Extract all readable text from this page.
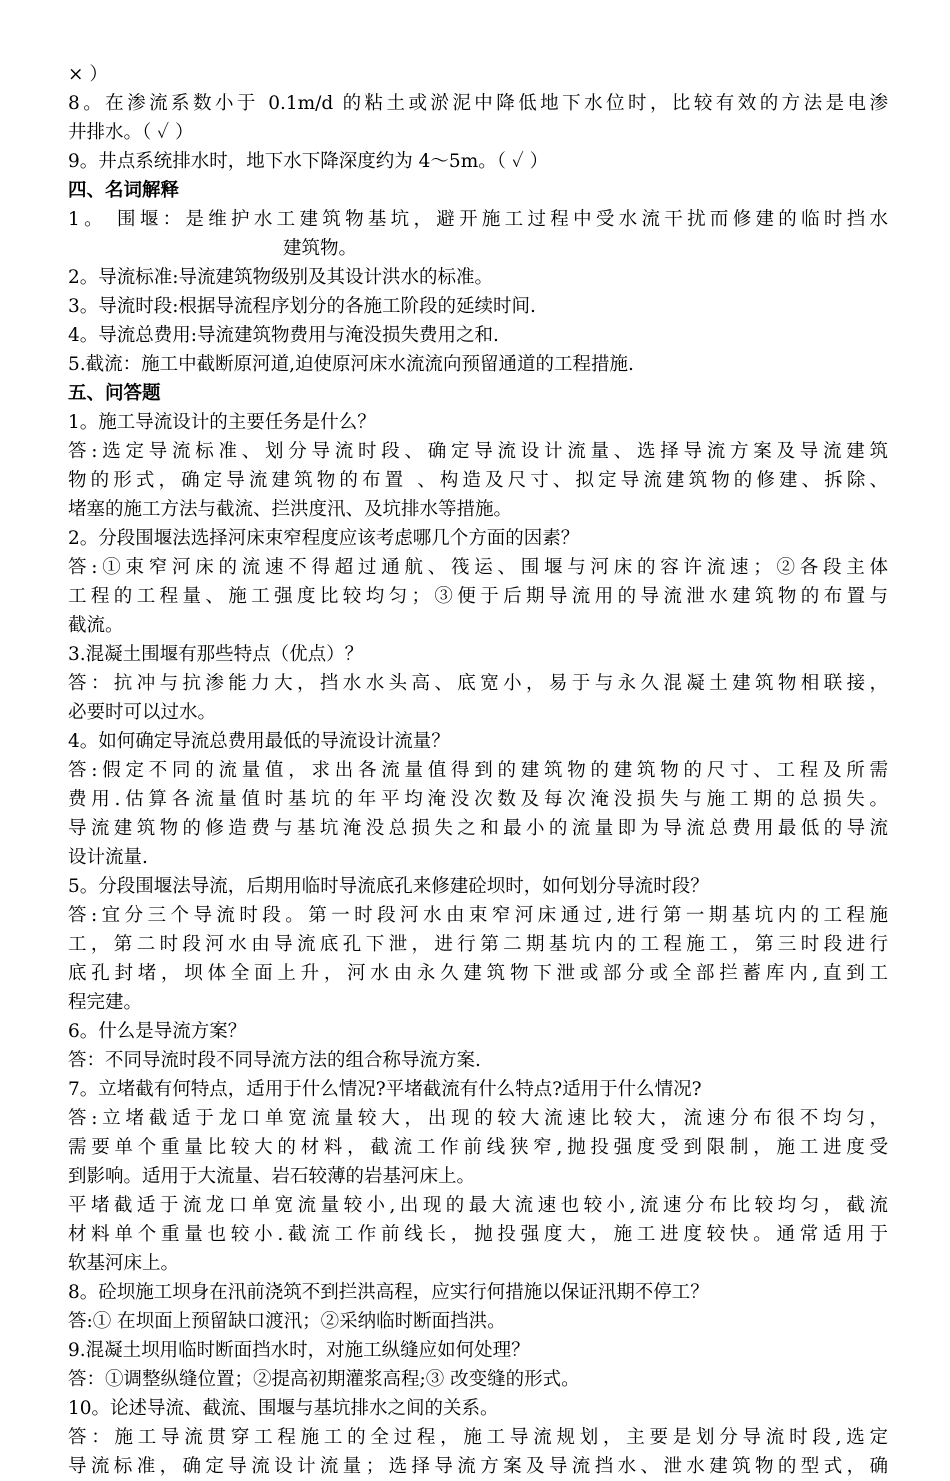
× ）
8。在渗流系数小于 0.1m/d 的粘土或淤泥中降低地下水位时，比较有效的方法是电渗
井排水。（ ✓ ）
9。井点系统排水时，地下水下降深度约为 4～5m。（ ✓ ）
四、名词解释
1。 围堰：是维护水工建筑物基坑，避开施工过程中受水流干扰而修建的临时挡水
建筑物。
2。导流标准:导流建筑物级别及其设计洪水的标准。
3。导流时段:根据导流程序划分的各施工阶段的延续时间.
4。导流总费用:导流建筑物费用与淹没损失费用之和.
5.截流：施工中截断原河道,迫使原河床水流流向预留通道的工程措施.
五、问答题
1。施工导流设计的主要任务是什么？
答:选定导流标准、划分导流时段、确定导流设计流量、选择导流方案及导流建筑
物的形式，确定导流建筑物的布置 、构造及尺寸、拟定导流建筑物的修建、拆除、
堵塞的施工方法与截流、拦洪度汛、及坑排水等措施。
2。分段围堰法选择河床束窄程度应该考虑哪几个方面的因素？
答:①束窄河床的流速不得超过通航、筏运、围堰与河床的容许流速；②各段主体
工程的工程量、施工强度比较均匀；③便于后期导流用的导流泄水建筑物的布置与
截流。
3.混凝土围堰有那些特点（优点）？
答：抗冲与抗渗能力大，挡水水头高、底宽小，易于与永久混凝土建筑物相联接，
必要时可以过水。
4。如何确定导流总费用最低的导流设计流量？
答:假定不同的流量值，求出各流量值得到的建筑物的建筑物的尺寸、工程及所需
费用.估算各流量值时基坑的年平均淹没次数及每次淹没损失与施工期的总损失。
导流建筑物的修造费与基坑淹没总损失之和最小的流量即为导流总费用最低的导流
设计流量.
5。分段围堰法导流，后期用临时导流底孔来修建砼坝时，如何划分导流时段？
答:宜分三个导流时段。第一时段河水由束窄河床通过,进行第一期基坑内的工程施
工，第二时段河水由导流底孔下泄，进行第二期基坑内的工程施工，第三时段进行
底孔封堵，坝体全面上升，河水由永久建筑物下泄或部分或全部拦蓄库内,直到工
程完建。
6。什么是导流方案？
答：不同导流时段不同导流方法的组合称导流方案.
7。立堵截有何特点，适用于什么情况?平堵截流有什么特点?适用于什么情况?
答:立堵截适于龙口单宽流量较大，出现的较大流速比较大，流速分布很不均匀，
需要单个重量比较大的材料，截流工作前线狭窄,抛投强度受到限制，施工进度受
到影响。适用于大流量、岩石较薄的岩基河床上。
平堵截适于流龙口单宽流量较小,出现的最大流速也较小,流速分布比较均匀，截流
材料单个重量也较小.截流工作前线长，抛投强度大，施工进度较快。通常适用于
软基河床上。
8。砼坝施工坝身在汛前浇筑不到拦洪高程，应实行何措施以保证汛期不停工？
答:① 在坝面上预留缺口渡汛；②采纳临时断面挡洪。
9.混凝土坝用临时断面挡水时，对施工纵缝应如何处理？
答：①调整纵缝位置；②提高初期灌浆高程;③ 改变缝的形式。
10。论述导流、截流、围堰与基坑排水之间的关系。
答：施工导流贯穿工程施工的全过程，施工导流规划，主要是划分导流时段,选定
导流标准，确定导流设计流量；选择导流方案及导流挡水、泄水建筑物的型式，确
